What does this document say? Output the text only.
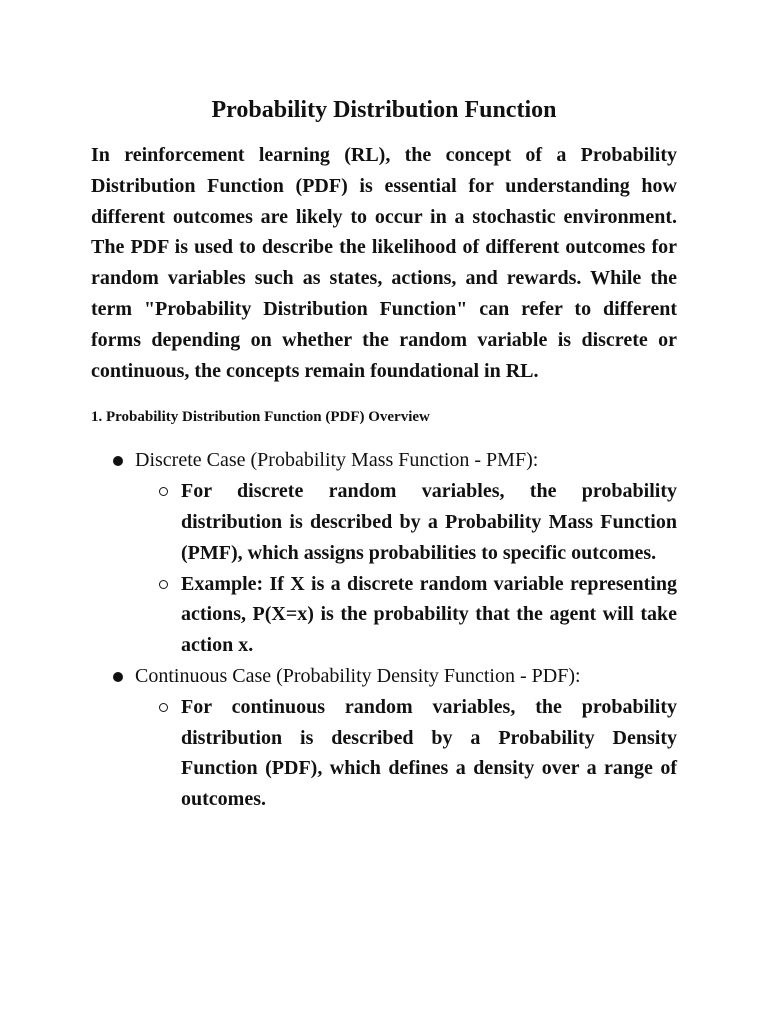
Probability Distribution Function

In reinforcement learning (RL), the concept of a Probability Distribution Function (PDF) is essential for understanding how different outcomes are likely to occur in a stochastic environment. The PDF is used to describe the likelihood of different outcomes for random variables such as states, actions, and rewards. While the term "Probability Distribution Function" can refer to different forms depending on whether the random variable is discrete or continuous, the concepts remain foundational in RL.

1. Probability Distribution Function (PDF) Overview

Discrete Case (Probability Mass Function - PMF):
For discrete random variables, the probability distribution is described by a Probability Mass Function (PMF), which assigns probabilities to specific outcomes.
Example: If X is a discrete random variable representing actions, P(X=x) is the probability that the agent will take action x.
Continuous Case (Probability Density Function - PDF):
For continuous random variables, the probability distribution is described by a Probability Density Function (PDF), which defines a density over a range of outcomes.
